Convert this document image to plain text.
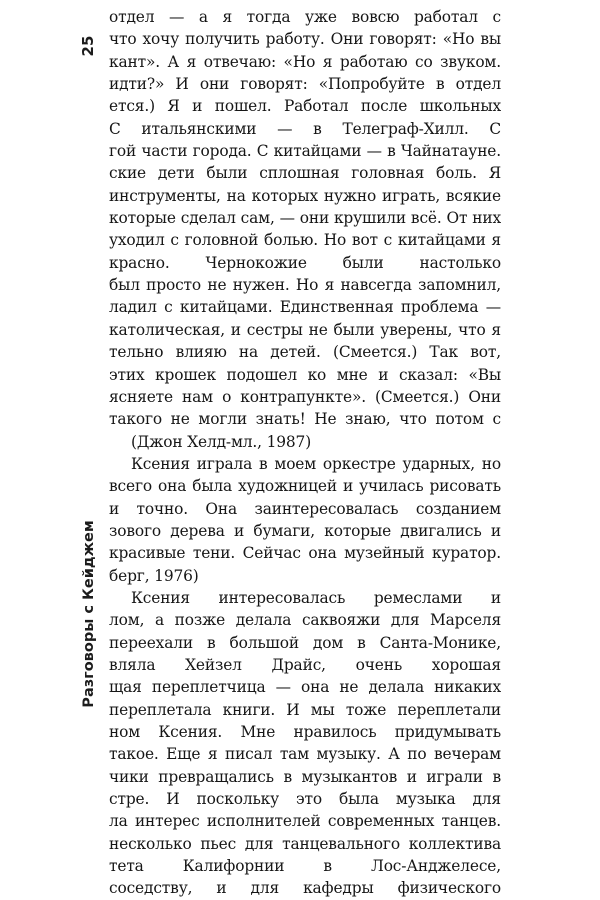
25
Разговоры с Кейджем
отдел — а я тогда уже вовсю работал с
что хочу получить работу. Они говорят: «Но вы
кант». А я отвечаю: «Но я работаю со звуком.
идти?» И они говорят: «Попробуйте в отдел
ется.) Я и пошел. Работал после школьных
С итальянскими — в Телеграф-Хилл. С
гой части города. С китайцами — в Чайнатауне.
ские дети были сплошная головная боль. Я
инструменты, на которых нужно играть, всякие
которые сделал сам, — они крушили всё. От них
уходил с головной болью. Но вот с китайцами я
красно. Чернокожие были настолько
был просто не нужен. Но я навсегда запомнил,
ладил с китайцами. Единственная проблема —
католическая, и сестры не были уверены, что я
тельно влияю на детей. (Смеется.) Так вот,
этих крошек подошел ко мне и сказал: «Вы
ясняете нам о контрапункте». (Смеется.) Они
такого не могли знать! Не знаю, что потом с
(Джон Хелд-мл., 1987)
Ксения играла в моем оркестре ударных, но
всего она была художницей и училась рисовать
и точно. Она заинтересовалась созданием
зового дерева и бумаги, которые двигались и
красивые тени. Сейчас она музейный куратор.
берг, 1976)
Ксения интересовалась ремеслами и
лом, а позже делала саквояжи для Марселя
переехали в большой дом в Санта-Монике,
вляла Хейзел Драйс, очень хорошая
щая переплетчица — она не делала никаких
переплетала книги. И мы тоже переплетали
ном Ксения. Мне нравилось придумывать
такое. Еще я писал там музыку. А по вечерам
чики превращались в музыкантов и играли в
стре. И поскольку это была музыка для
ла интерес исполнителей современных танцев.
несколько пьес для танцевального коллектива
тета Калифорнии в Лос-Анджелесе,
соседству, и для кафедры физического
